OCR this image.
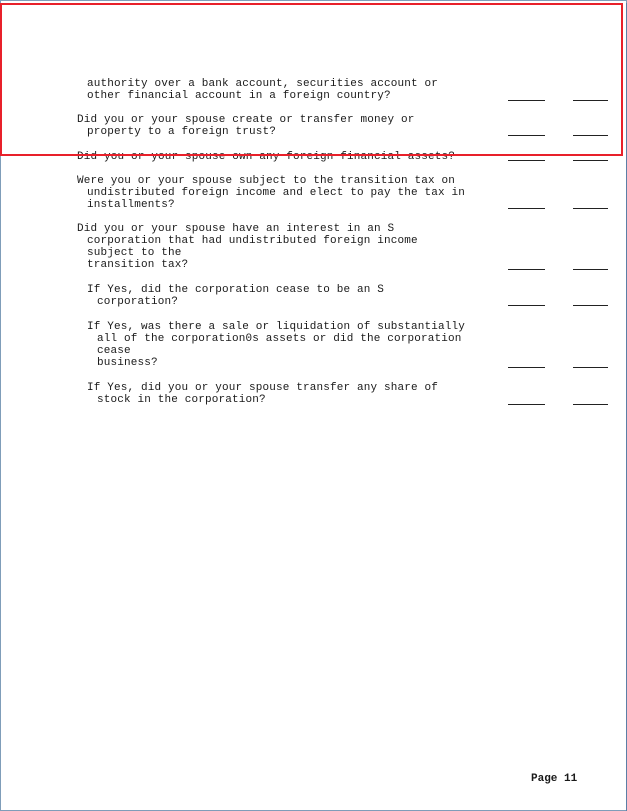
authority over a bank account, securities account or
other financial account in a foreign country?
Did you or your spouse create or transfer money or
property to a foreign trust?
Did you or your spouse own any foreign financial assets?
Were you or your spouse subject to the transition tax on
undistributed foreign income and elect to pay the tax in
installments?
Did you or your spouse have an interest in an S
corporation that had undistributed foreign income
subject to the
transition tax?
If Yes, did the corporation cease to be an S
corporation?
If Yes, was there a sale or liquidation of substantially
all of the corporation0s assets or did the corporation
cease
business?
If Yes, did you or your spouse transfer any share of
stock in the corporation?
Page 11
